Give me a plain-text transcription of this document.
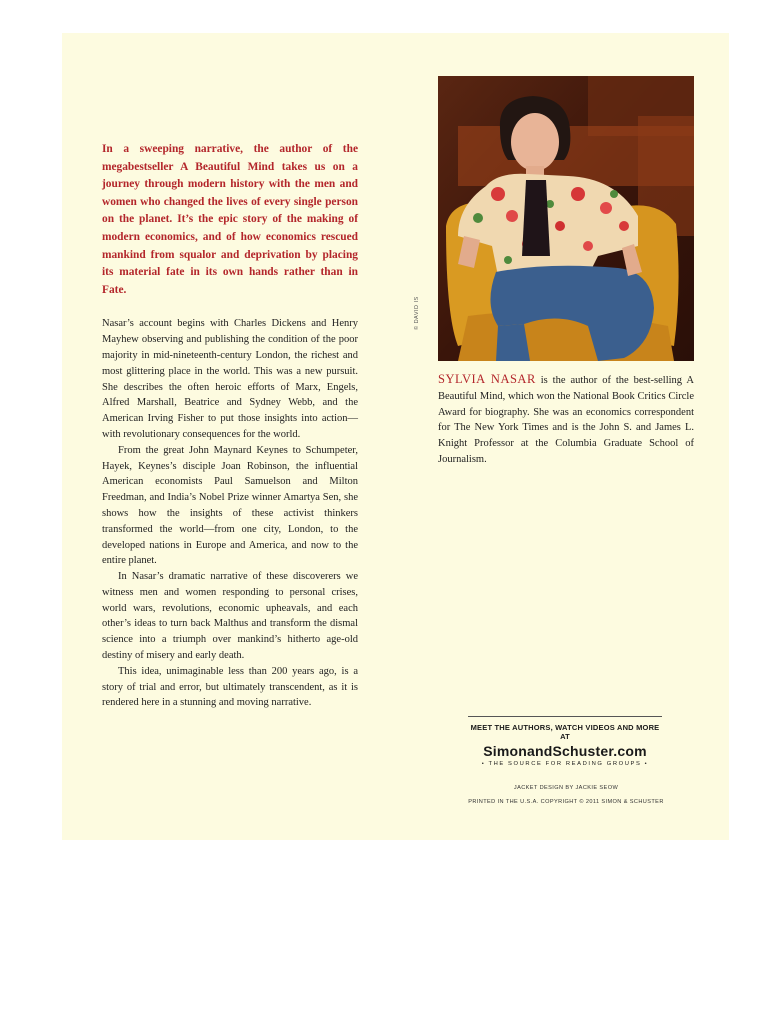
In a sweeping narrative, the author of the megabestseller A Beautiful Mind takes us on a journey through modern history with the men and women who changed the lives of every single person on the planet. It’s the epic story of the making of modern economics, and of how economics rescued mankind from squalor and deprivation by placing its material fate in its own hands rather than in Fate.

Nasar’s account begins with Charles Dickens and Henry Mayhew observing and publishing the condition of the poor majority in mid-nineteenth-century London, the richest and most glittering place in the world. This was a new pursuit. She describes the often heroic efforts of Marx, Engels, Alfred Marshall, Beatrice and Sydney Webb, and the American Irving Fisher to put those insights into action—with revolutionary consequences for the world.

From the great John Maynard Keynes to Schumpeter, Hayek, Keynes’s disciple Joan Robinson, the influential American economists Paul Samuelson and Milton Freedman, and India’s Nobel Prize winner Amartya Sen, she shows how the insights of these activist thinkers transformed the world—from one city, London, to the developed nations in Europe and America, and now to the entire planet.

In Nasar’s dramatic narrative of these discoverers we witness men and women responding to personal crises, world wars, revolutions, economic upheavals, and each other’s ideas to turn back Malthus and transform the dismal science into a triumph over mankind’s hitherto age-old destiny of misery and early death.

This idea, unimaginable less than 200 years ago, is a story of trial and error, but ultimately transcendent, as it is rendered here in a stunning and moving narrative.

© DAVID IS
SYLVIA NASAR is the author of the best-selling A Beautiful Mind, which won the National Book Critics Circle Award for biography. She was an economics correspondent for The New York Times and is the John S. and James L. Knight Professor at the Columbia Graduate School of Journalism.
MEET THE AUTHORS, WATCH VIDEOS AND MORE AT
SimonandSchuster.com
• THE SOURCE FOR READING GROUPS •
JACKET DESIGN BY JACKIE SEOW
PRINTED IN THE U.S.A. COPYRIGHT © 2011 SIMON & SCHUSTER
